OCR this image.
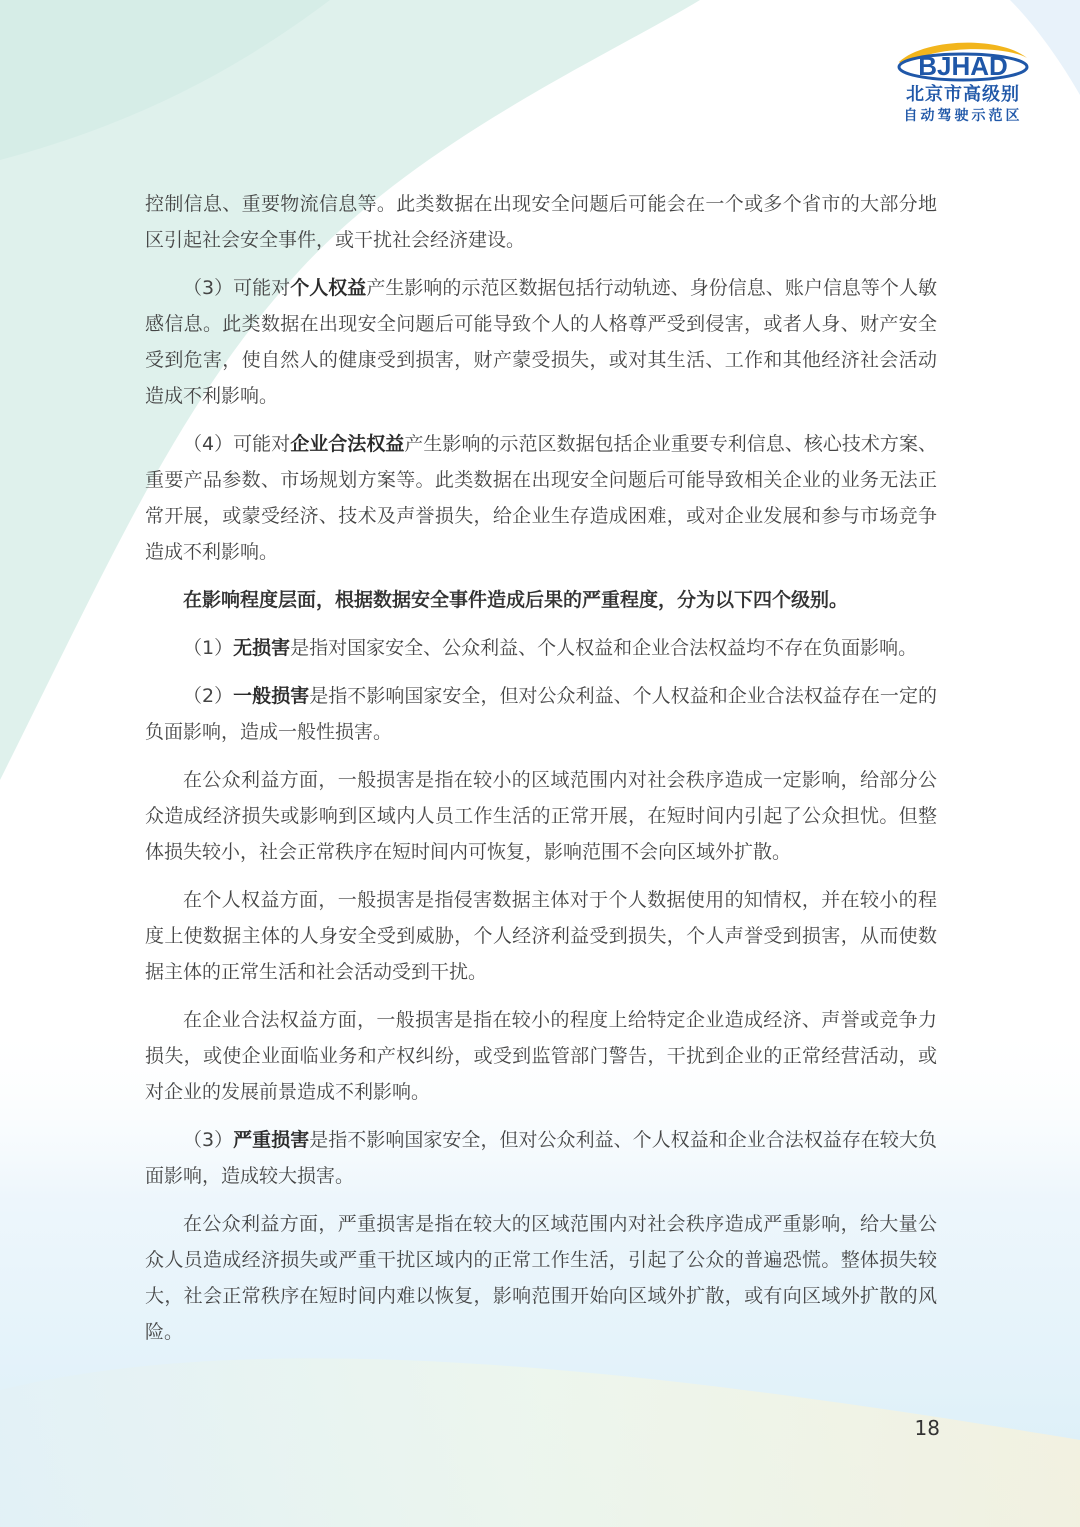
BJHAD
北京市高级别
自动驾驶示范区

控制信息、重要物流信息等。此类数据在出现安全问题后可能会在一个或多个省市的大部分地区引起社会安全事件，或干扰社会经济建设。

（3）可能对个人权益产生影响的示范区数据包括行动轨迹、身份信息、账户信息等个人敏感信息。此类数据在出现安全问题后可能导致个人的人格尊严受到侵害，或者人身、财产安全受到危害，使自然人的健康受到损害，财产蒙受损失，或对其生活、工作和其他经济社会活动造成不利影响。

（4）可能对企业合法权益产生影响的示范区数据包括企业重要专利信息、核心技术方案、重要产品参数、市场规划方案等。此类数据在出现安全问题后可能导致相关企业的业务无法正常开展，或蒙受经济、技术及声誉损失，给企业生存造成困难，或对企业发展和参与市场竞争造成不利影响。

在影响程度层面，根据数据安全事件造成后果的严重程度，分为以下四个级别。

（1）无损害是指对国家安全、公众利益、个人权益和企业合法权益均不存在负面影响。

（2）一般损害是指不影响国家安全，但对公众利益、个人权益和企业合法权益存在一定的负面影响，造成一般性损害。

在公众利益方面，一般损害是指在较小的区域范围内对社会秩序造成一定影响，给部分公众造成经济损失或影响到区域内人员工作生活的正常开展，在短时间内引起了公众担忧。但整体损失较小，社会正常秩序在短时间内可恢复，影响范围不会向区域外扩散。

在个人权益方面，一般损害是指侵害数据主体对于个人数据使用的知情权，并在较小的程度上使数据主体的人身安全受到威胁，个人经济利益受到损失，个人声誉受到损害，从而使数据主体的正常生活和社会活动受到干扰。

在企业合法权益方面，一般损害是指在较小的程度上给特定企业造成经济、声誉或竞争力损失，或使企业面临业务和产权纠纷，或受到监管部门警告，干扰到企业的正常经营活动，或对企业的发展前景造成不利影响。

（3）严重损害是指不影响国家安全，但对公众利益、个人权益和企业合法权益存在较大负面影响，造成较大损害。

在公众利益方面，严重损害是指在较大的区域范围内对社会秩序造成严重影响，给大量公众人员造成经济损失或严重干扰区域内的正常工作生活，引起了公众的普遍恐慌。整体损失较大，社会正常秩序在短时间内难以恢复，影响范围开始向区域外扩散，或有向区域外扩散的风险。

18
